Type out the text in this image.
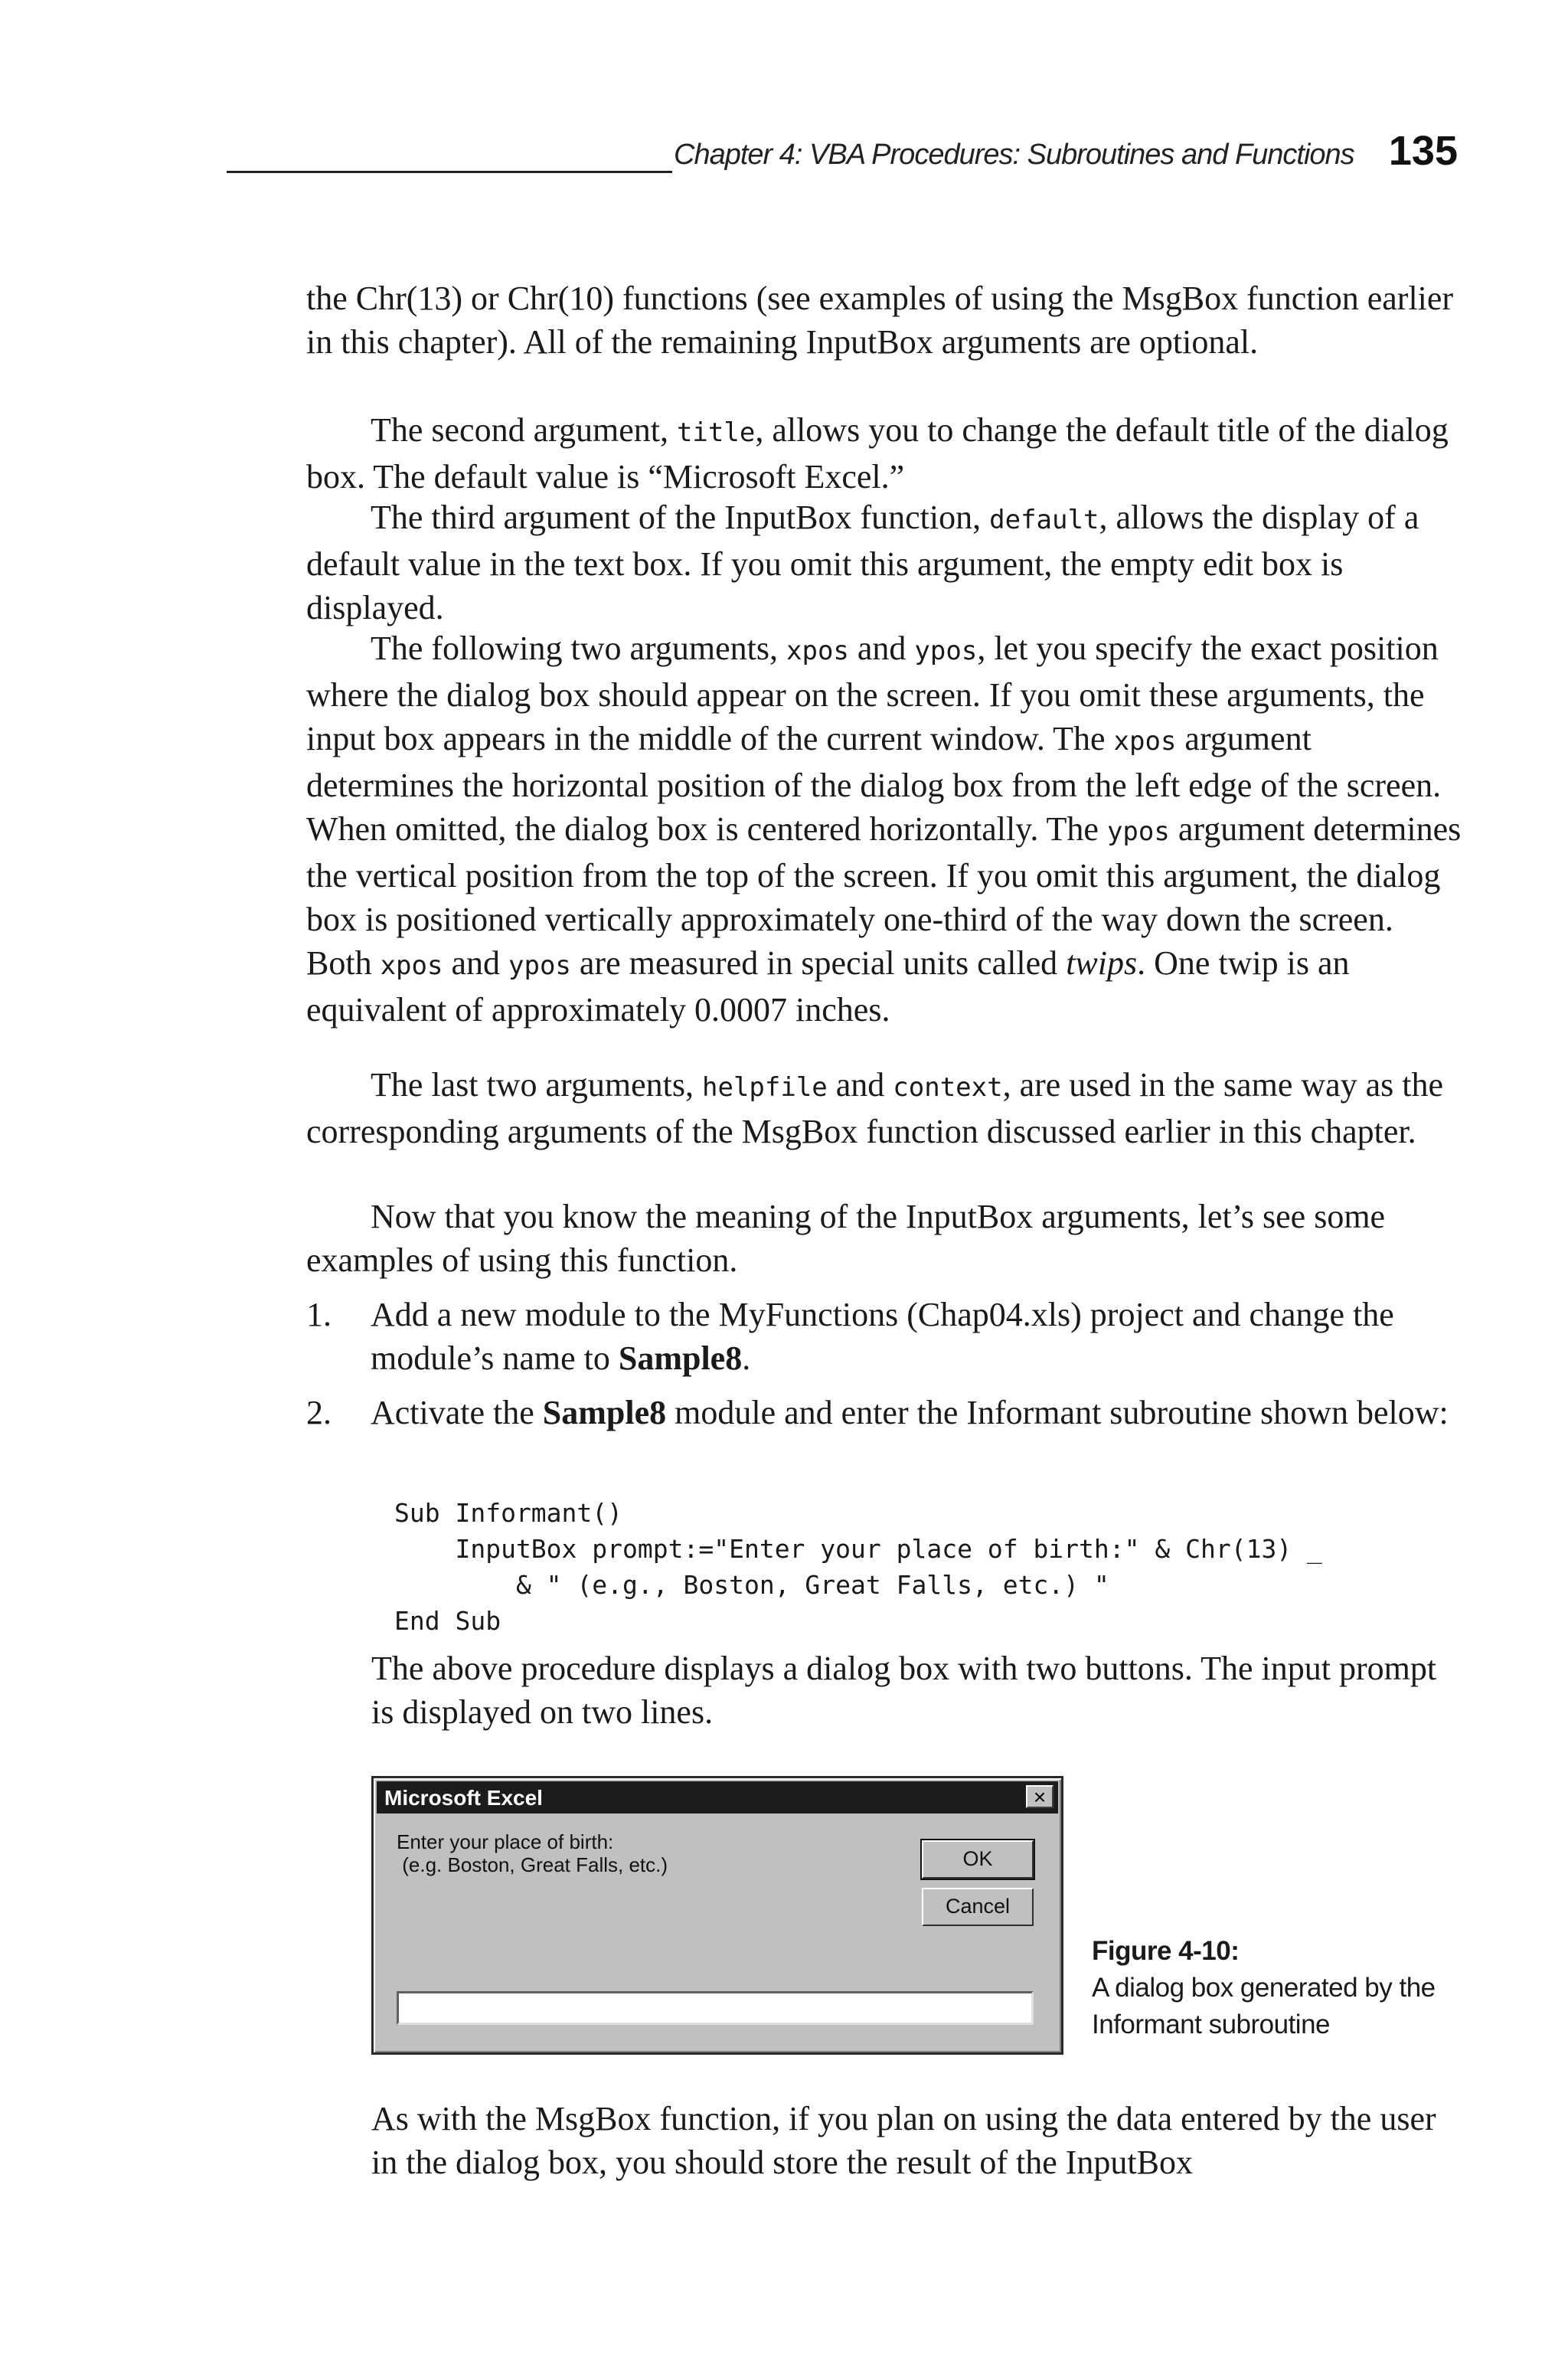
Chapter 4: VBA Procedures: Subroutines and Functions 135

the Chr(13) or Chr(10) functions (see examples of using the MsgBox function earlier in this chapter). All of the remaining InputBox arguments are optional.

The second argument, title, allows you to change the default title of the dialog box. The default value is “Microsoft Excel.”

The third argument of the InputBox function, default, allows the display of a default value in the text box. If you omit this argument, the empty edit box is displayed.

The following two arguments, xpos and ypos, let you specify the exact position where the dialog box should appear on the screen. If you omit these arguments, the input box appears in the middle of the current window. The xpos argument determines the horizontal position of the dialog box from the left edge of the screen. When omitted, the dialog box is centered horizontally. The ypos argument determines the vertical position from the top of the screen. If you omit this argument, the dialog box is positioned vertically approximately one-third of the way down the screen. Both xpos and ypos are measured in special units called twips. One twip is an equivalent of approximately 0.0007 inches.

The last two arguments, helpfile and context, are used in the same way as the corresponding arguments of the MsgBox function discussed earlier in this chapter.

Now that you know the meaning of the InputBox arguments, let’s see some examples of using this function.

1. Add a new module to the MyFunctions (Chap04.xls) project and change the module’s name to Sample8.
2. Activate the Sample8 module and enter the Informant subroutine shown below:
Sub Informant()
InputBox prompt:="Enter your place of birth:" & Chr(13) _
& " (e.g., Boston, Great Falls, etc.) "
End Sub

The above procedure displays a dialog box with two buttons. The input prompt is displayed on two lines.

Microsoft Excel	×
Enter your place of birth:
(e.g. Boston, Great Falls, etc.)	OK
Cancel
Figure 4-10:
A dialog box generated by the Informant subroutine

As with the MsgBox function, if you plan on using the data entered by the user in the dialog box, you should store the result of the InputBox
